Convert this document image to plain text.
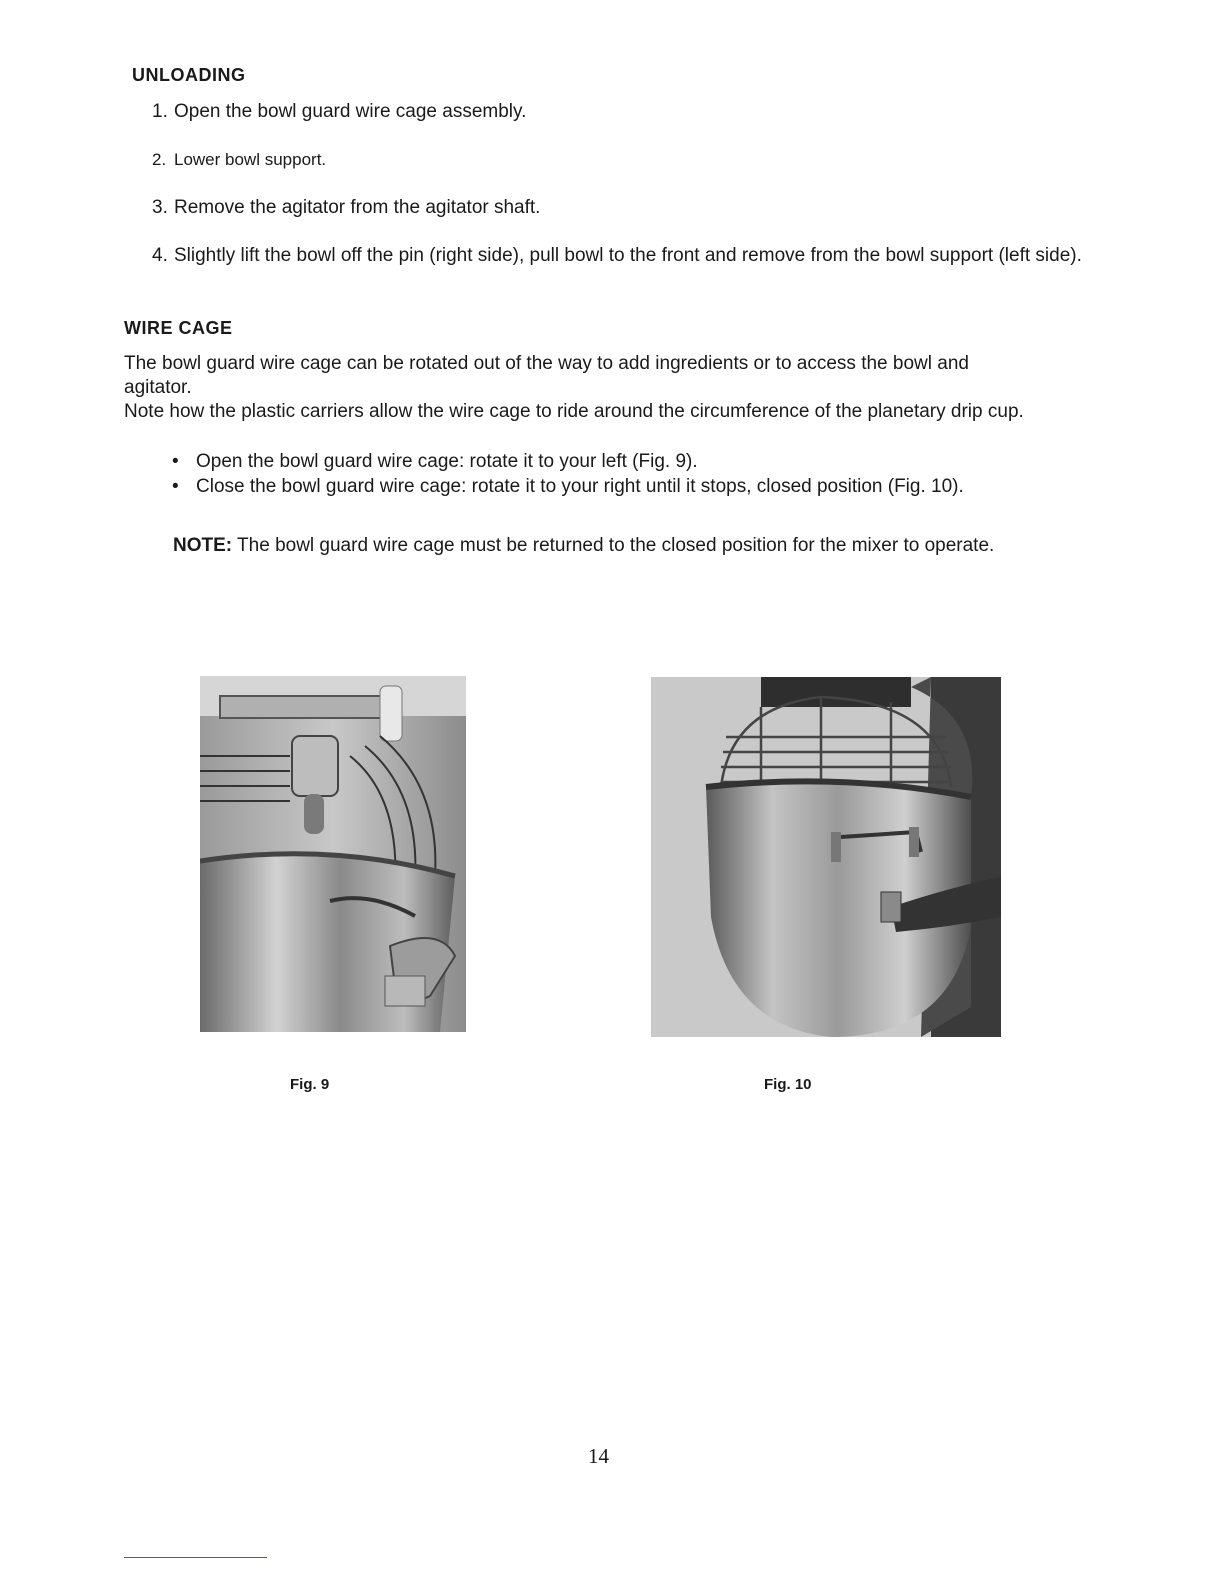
UNLOADING

1. Open the bowl guard wire cage assembly.

2. Lower bowl support.

3. Remove the agitator from the agitator shaft.

4. Slightly lift the bowl off the pin (right side), pull bowl to the front and remove from the bowl support (left side).

WIRE CAGE

The bowl guard wire cage can be rotated out of the way to add ingredients or to access the bowl and agitator.

Note how the plastic carriers allow the wire cage to ride around the circumference of the planetary drip cup.

• Open the bowl guard wire cage: rotate it to your left (Fig. 9).

• Close the bowl guard wire cage: rotate it to your right until it stops, closed position (Fig. 10).

NOTE: The bowl guard wire cage must be returned to the closed position for the mixer to operate.

Fig. 9	Fig. 10
14
